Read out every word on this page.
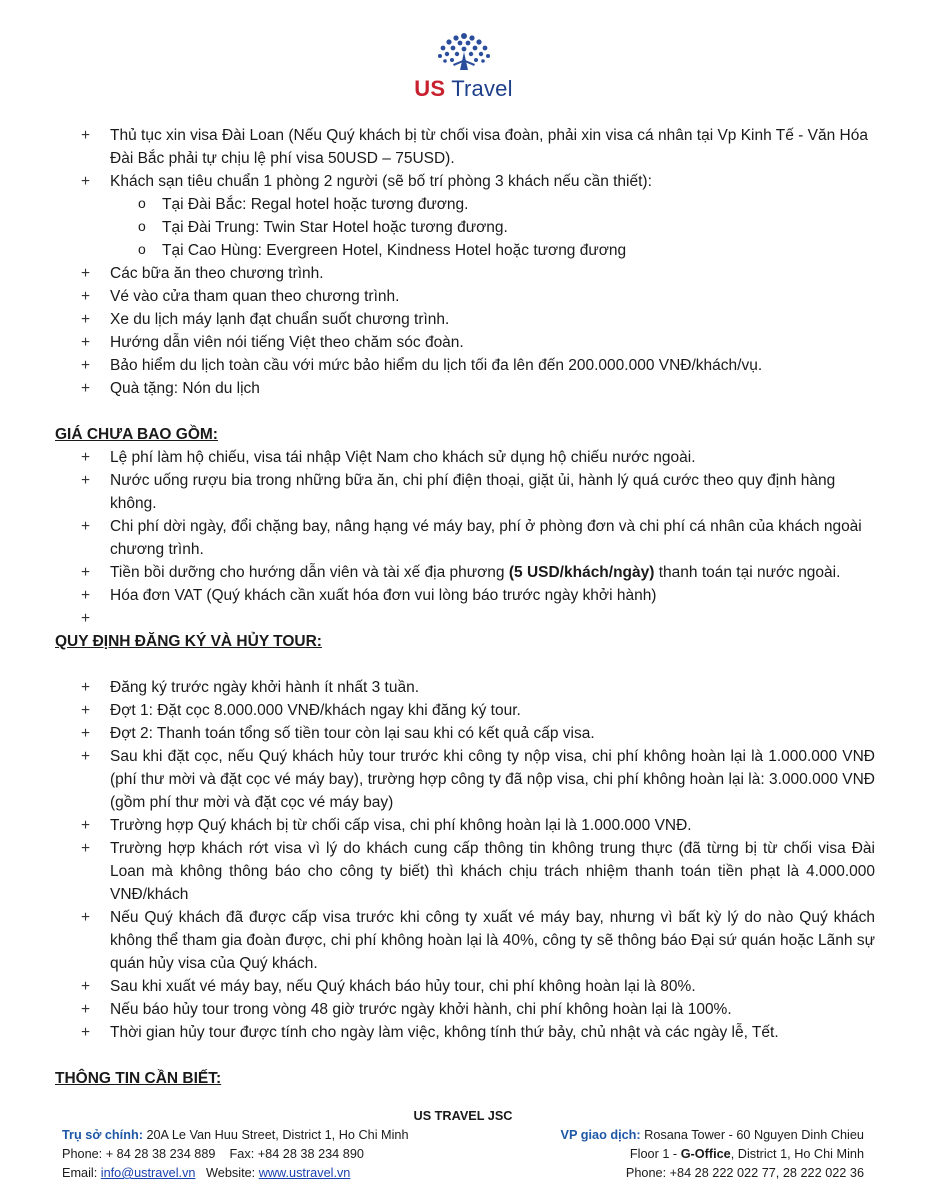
US Travel
+ Thủ tục xin visa Đài Loan (Nếu Quý khách bị từ chối visa đoàn, phải xin visa cá nhân tại Vp Kinh Tế - Văn Hóa Đài Bắc phải tự chịu lệ phí visa 50USD – 75USD).
+ Khách sạn tiêu chuẩn 1 phòng 2 người (sẽ bố trí phòng 3 khách nếu cần thiết):
o Tại Đài Bắc: Regal hotel hoặc tương đương.
o Tại Đài Trung: Twin Star Hotel hoặc tương đương.
o Tại Cao Hùng: Evergreen Hotel, Kindness Hotel hoặc tương đương
+ Các bữa ăn theo chương trình.
+ Vé vào cửa tham quan theo chương trình.
+ Xe du lịch máy lạnh đạt chuẩn suốt chương trình.
+ Hướng dẫn viên nói tiếng Việt theo chăm sóc đoàn.
+ Bảo hiểm du lịch toàn cầu với mức bảo hiểm du lịch tối đa lên đến 200.000.000 VNĐ/khách/vụ.
+ Quà tặng: Nón du lịch
GIÁ CHƯA BAO GỒM:
+ Lệ phí làm hộ chiếu, visa tái nhập Việt Nam cho khách sử dụng hộ chiếu nước ngoài.
+ Nước uống rượu bia trong những bữa ăn, chi phí điện thoại, giặt ủi, hành lý quá cước theo quy định hàng không.
+ Chi phí dời ngày, đổi chặng bay, nâng hạng vé máy bay, phí ở phòng đơn và chi phí cá nhân của khách ngoài chương trình.
+ Tiền bồi dưỡng cho hướng dẫn viên và tài xế địa phương (5 USD/khách/ngày) thanh toán tại nước ngoài.
+ Hóa đơn VAT (Quý khách cần xuất hóa đơn vui lòng báo trước ngày khởi hành)
+
QUY ĐỊNH ĐĂNG KÝ VÀ HỦY TOUR:
+ Đăng ký trước ngày khởi hành ít nhất 3 tuần.
+ Đợt 1: Đặt cọc 8.000.000 VNĐ/khách ngay khi đăng ký tour.
+ Đợt 2: Thanh toán tổng số tiền tour còn lại sau khi có kết quả cấp visa.
+ Sau khi đặt cọc, nếu Quý khách hủy tour trước khi công ty nộp visa, chi phí không hoàn lại là 1.000.000 VNĐ (phí thư mời và đặt cọc vé máy bay), trường hợp công ty đã nộp visa, chi phí không hoàn lại là: 3.000.000 VNĐ (gồm phí thư mời và đặt cọc vé máy bay)
+ Trường hợp Quý khách bị từ chối cấp visa, chi phí không hoàn lại là 1.000.000 VNĐ.
+ Trường hợp khách rớt visa vì lý do khách cung cấp thông tin không trung thực (đã từng bị từ chối visa Đài Loan mà không thông báo cho công ty biết) thì khách chịu trách nhiệm thanh toán tiền phạt là 4.000.000 VNĐ/khách
+ Nếu Quý khách đã được cấp visa trước khi công ty xuất vé máy bay, nhưng vì bất kỳ lý do nào Quý khách không thể tham gia đoàn được, chi phí không hoàn lại là 40%, công ty sẽ thông báo Đại sứ quán hoặc Lãnh sự quán hủy visa của Quý khách.
+ Sau khi xuất vé máy bay, nếu Quý khách báo hủy tour, chi phí không hoàn lại là 80%.
+ Nếu báo hủy tour trong vòng 48 giờ trước ngày khởi hành, chi phí không hoàn lại là 100%.
+ Thời gian hủy tour được tính cho ngày làm việc, không tính thứ bảy, chủ nhật và các ngày lễ, Tết.
THÔNG TIN CẦN BIẾT:
US TRAVEL JSC
Trụ sở chính: 20A Le Van Huu Street, District 1, Ho Chi Minh
Phone: + 84 28 38 234 889    Fax: +84 28 38 234 890
Email: info@ustravel.vn   Website: www.ustravel.vn
VP giao dịch: Rosana Tower - 60 Nguyen Dinh Chieu
Floor 1 - G-Office, District 1, Ho Chi Minh
Phone: +84 28 222 022 77, 28 222 022 36
